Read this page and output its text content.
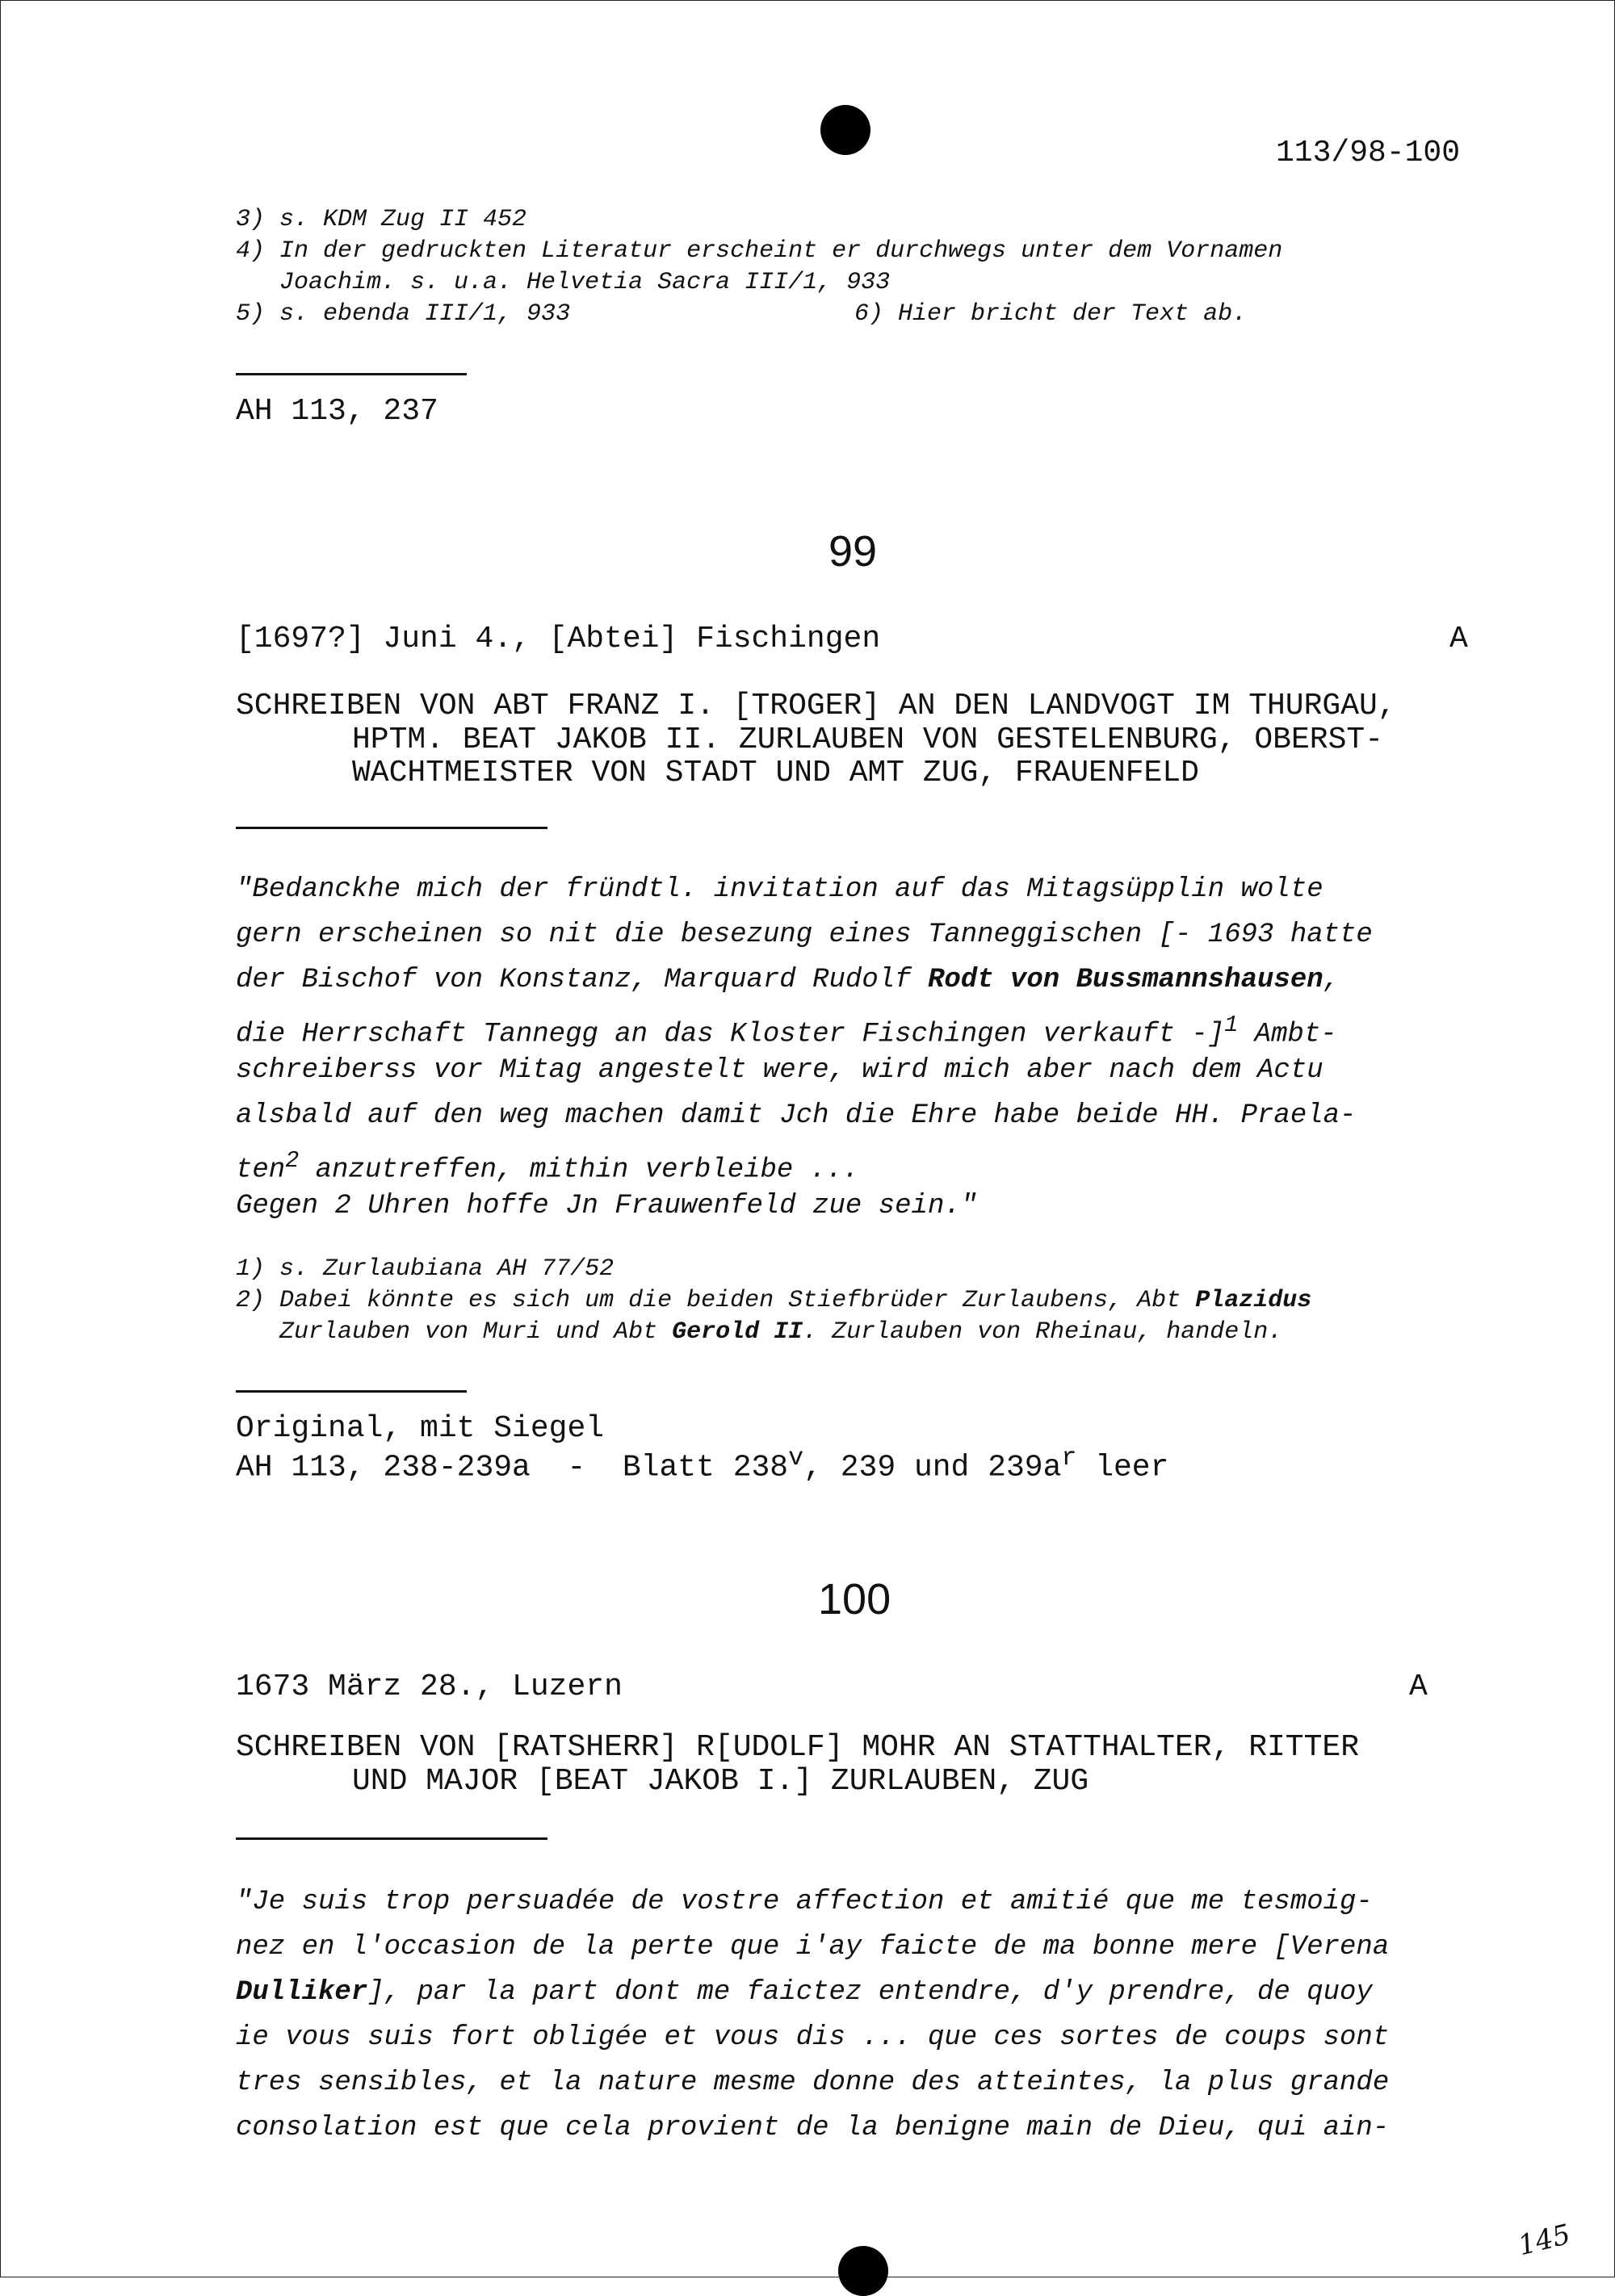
113/98-100
3) s. KDM Zug II 452
4) In der gedruckten Literatur erscheint er durchwegs unter dem Vornamen
Joachim. s. u.a. Helvetia Sacra III/1, 933
5) s. ebenda III/1, 933	6) Hier bricht der Text ab.
AH 113, 237
99
[1697?] Juni 4., [Abtei] Fischingen	A
SCHREIBEN VON ABT FRANZ I. [TROGER] AN DEN LANDVOGT IM THURGAU,
HPTM. BEAT JAKOB II. ZURLAUBEN VON GESTELENBURG, OBERST-
WACHTMEISTER VON STADT UND AMT ZUG, FRAUENFELD
"Bedanckhe mich der fründtl. invitation auf das Mitagsüpplin wolte
gern erscheinen so nit die besezung eines Tanneggischen [- 1693 hatte
der Bischof von Konstanz, Marquard Rudolf Rodt von Bussmannshausen,
die Herrschaft Tannegg an das Kloster Fischingen verkauft -]$^1$ Ambt-
schreiberss vor Mitag angestelt were, wird mich aber nach dem Actu
alsbald auf den weg machen damit Jch die Ehre habe beide HH. Praela-
ten$^2$ anzutreffen, mithin verbleibe ...
Gegen 2 Uhren hoffe Jn Frauwenfeld zue sein."
1) s. Zurlaubiana AH 77/52
2) Dabei könnte es sich um die beiden Stiefbrüder Zurlaubens, Abt Plazidus
Zurlauben von Muri und Abt Gerold II. Zurlauben von Rheinau, handeln.
Original, mit Siegel
AH 113, 238-239a  -  Blatt 238$^v$, 239 und $239a^r$ leer
100
1673 März 28., Luzern	A
SCHREIBEN VON [RATSHERR] R[UDOLF] MOHR AN STATTHALTER, RITTER
UND MAJOR [BEAT JAKOB I.] ZURLAUBEN, ZUG
"Je suis trop persuadée de vostre affection et amitié que me tesmoig-
nez en l'occasion de la perte que i'ay faicte de ma bonne mere [Verena
Dulliker], par la part dont me faictez entendre, d'y prendre, de quoy
ie vous suis fort obligée et vous dis ... que ces sortes de coups sont
tres sensibles, et la nature mesme donne des atteintes, la plus grande
consolation est que cela provient de la benigne main de Dieu, qui ain-
145
